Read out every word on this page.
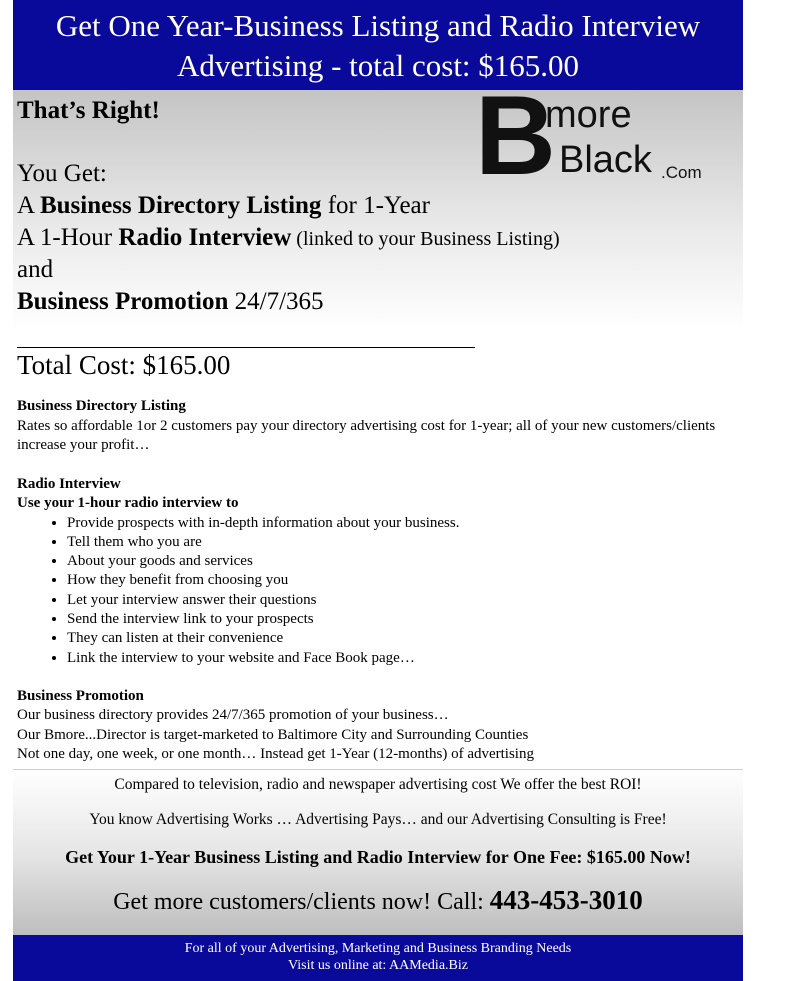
Get One Year-Business Listing and Radio Interview
Advertising - total cost: $165.00
That’s Right!	B
more
Black .Com
You Get:
A Business Directory Listing for 1-Year
A 1-Hour Radio Interview (linked to your Business Listing)
and
Business Promotion 24/7/365
Total Cost: $165.00
Business Directory Listing
Rates so affordable 1or 2 customers pay your directory advertising cost for 1-year; all of your new customers/clients increase your profit…
Radio Interview
Use your 1-hour radio interview to
• Provide prospects with in-depth information about your business.
• Tell them who you are
• About your goods and services
• How they benefit from choosing you
• Let your interview answer their questions
• Send the interview link to your prospects
• They can listen at their convenience
• Link the interview to your website and Face Book page…
Business Promotion
Our business directory provides 24/7/365 promotion of your business…
Our Bmore...Director is target-marketed to Baltimore City and Surrounding Counties
Not one day, one week, or one month… Instead get 1-Year (12-months) of advertising
Compared to television, radio and newspaper advertising cost We offer the best ROI!
You know Advertising Works … Advertising Pays… and our Advertising Consulting is Free!
Get Your 1-Year Business Listing and Radio Interview for One Fee: $165.00 Now!
Get more customers/clients now! Call: 443-453-3010
For all of your Advertising, Marketing and Business Branding Needs
Visit us online at: AAMedia.Biz
